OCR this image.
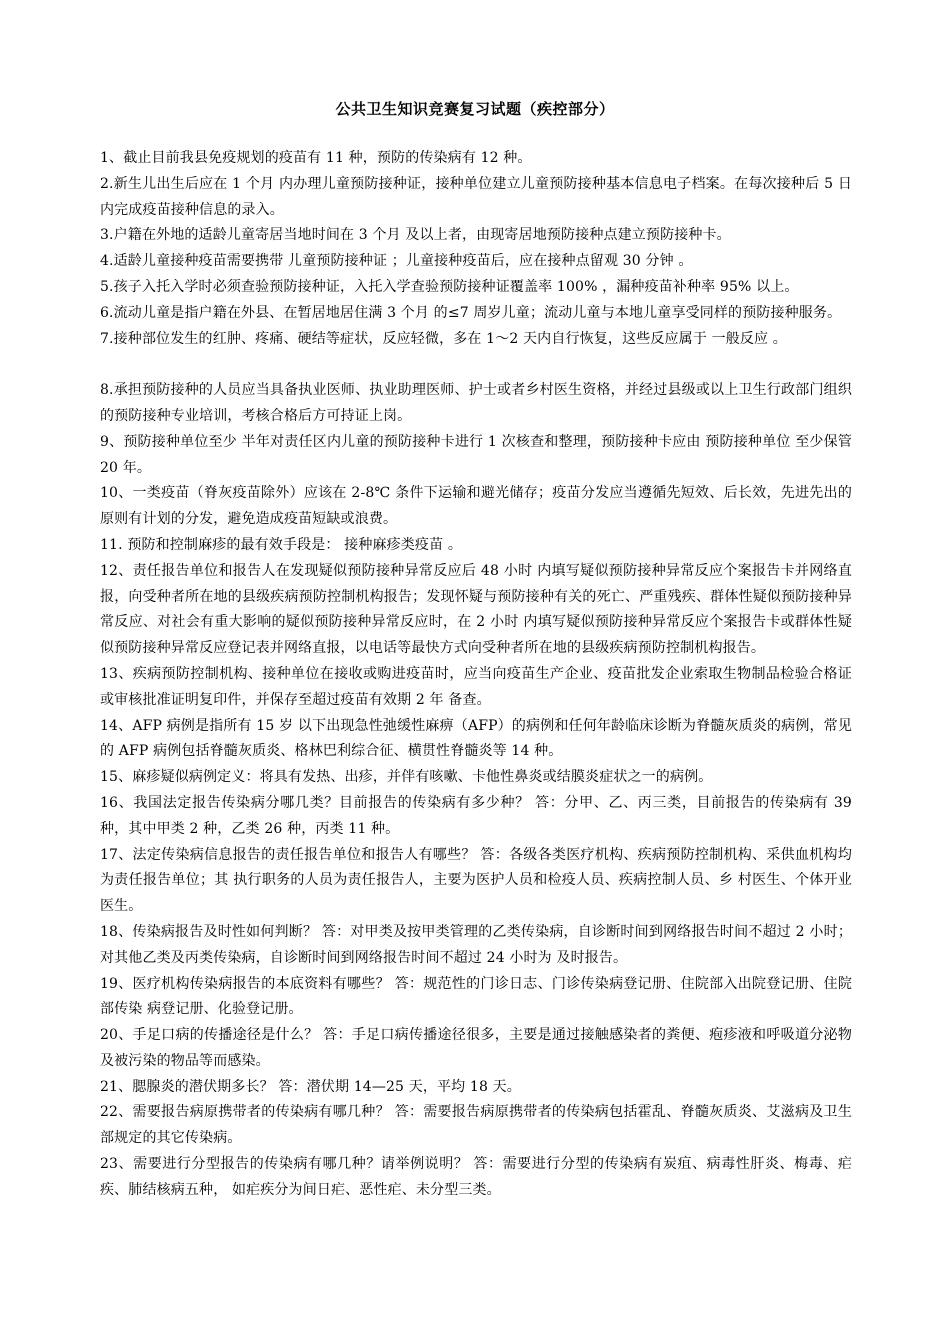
公共卫生知识竞赛复习试题（疾控部分）

1、截止目前我县免疫规划的疫苗有 11 种，预防的传染病有 12 种。

2.新生儿出生后应在 1 个月 内办理儿童预防接种证，接种单位建立儿童预防接种基本信息电子档案。在每次接种后 5 日 内完成疫苗接种信息的录入。

3.户籍在外地的适龄儿童寄居当地时间在 3 个月 及以上者，由现寄居地预防接种点建立预防接种卡。

4.适龄儿童接种疫苗需要携带 儿童预防接种证 ；儿童接种疫苗后，应在接种点留观 30 分钟 。

5.孩子入托入学时必须查验预防接种证，入托入学查验预防接种证覆盖率 100% ，漏种疫苗补种率 95% 以上。

6.流动儿童是指户籍在外县、在暂居地居住满 3 个月 的≤7 周岁儿童；流动儿童与本地儿童享受同样的预防接种服务。

7.接种部位发生的红肿、疼痛、硬结等症状，反应轻微，多在 1～2 天内自行恢复，这些反应属于 一般反应 。

8.承担预防接种的人员应当具备执业医师、执业助理医师、护士或者乡村医生资格，并经过县级或以上卫生行政部门组织的预防接种专业培训，考核合格后方可持证上岗。

9、预防接种单位至少 半年对责任区内儿童的预防接种卡进行 1 次核查和整理，预防接种卡应由 预防接种单位 至少保管 20 年。

10、一类疫苗（脊灰疫苗除外）应该在 2-8℃ 条件下运输和避光储存；疫苗分发应当遵循先短效、后长效，先进先出的原则有计划的分发，避免造成疫苗短缺或浪费。

11. 预防和控制麻疹的最有效手段是： 接种麻疹类疫苗 。

12、责任报告单位和报告人在发现疑似预防接种异常反应后 48 小时 内填写疑似预防接种异常反应个案报告卡并网络直报，向受种者所在地的县级疾病预防控制机构报告；发现怀疑与预防接种有关的死亡、严重残疾、群体性疑似预防接种异常反应、对社会有重大影响的疑似预防接种异常反应时，在 2 小时 内填写疑似预防接种异常反应个案报告卡或群体性疑似预防接种异常反应登记表并网络直报，以电话等最快方式向受种者所在地的县级疾病预防控制机构报告。

13、疾病预防控制机构、接种单位在接收或购进疫苗时，应当向疫苗生产企业、疫苗批发企业索取生物制品检验合格证或审核批准证明复印件，并保存至超过疫苗有效期 2 年 备查。

14、AFP 病例是指所有 15 岁 以下出现急性弛缓性麻痹（AFP）的病例和任何年龄临床诊断为脊髓灰质炎的病例，常见的 AFP 病例包括脊髓灰质炎、格林巴利综合征、横贯性脊髓炎等 14 种。

15、麻疹疑似病例定义：将具有发热、出疹，并伴有咳嗽、卡他性鼻炎或结膜炎症状之一的病例。

16、我国法定报告传染病分哪几类？目前报告的传染病有多少种？ 答：分甲、乙、丙三类，目前报告的传染病有 39 种，其中甲类 2 种，乙类 26 种，丙类 11 种。

17、法定传染病信息报告的责任报告单位和报告人有哪些？ 答：各级各类医疗机构、疾病预防控制机构、采供血机构均为责任报告单位；其 执行职务的人员为责任报告人，主要为医护人员和检疫人员、疾病控制人员、乡 村医生、个体开业医生。

18、传染病报告及时性如何判断？ 答：对甲类及按甲类管理的乙类传染病，自诊断时间到网络报告时间不超过 2 小时；对其他乙类及丙类传染病，自诊断时间到网络报告时间不超过 24 小时为 及时报告。

19、医疗机构传染病报告的本底资料有哪些？ 答：规范性的门诊日志、门诊传染病登记册、住院部入出院登记册、住院部传染 病登记册、化验登记册。

20、手足口病的传播途径是什么？ 答：手足口病传播途径很多，主要是通过接触感染者的粪便、疱疹液和呼吸道分泌物及被污染的物品等而感染。

21、腮腺炎的潜伏期多长？ 答：潜伏期 14—25 天，平均 18 天。

22、需要报告病原携带者的传染病有哪几种？ 答：需要报告病原携带者的传染病包括霍乱、脊髓灰质炎、艾滋病及卫生部规定的其它传染病。

23、需要进行分型报告的传染病有哪几种？请举例说明？ 答：需要进行分型的传染病有炭疽、病毒性肝炎、梅毒、疟疾、肺结核病五种， 如疟疾分为间日疟、恶性疟、未分型三类。
